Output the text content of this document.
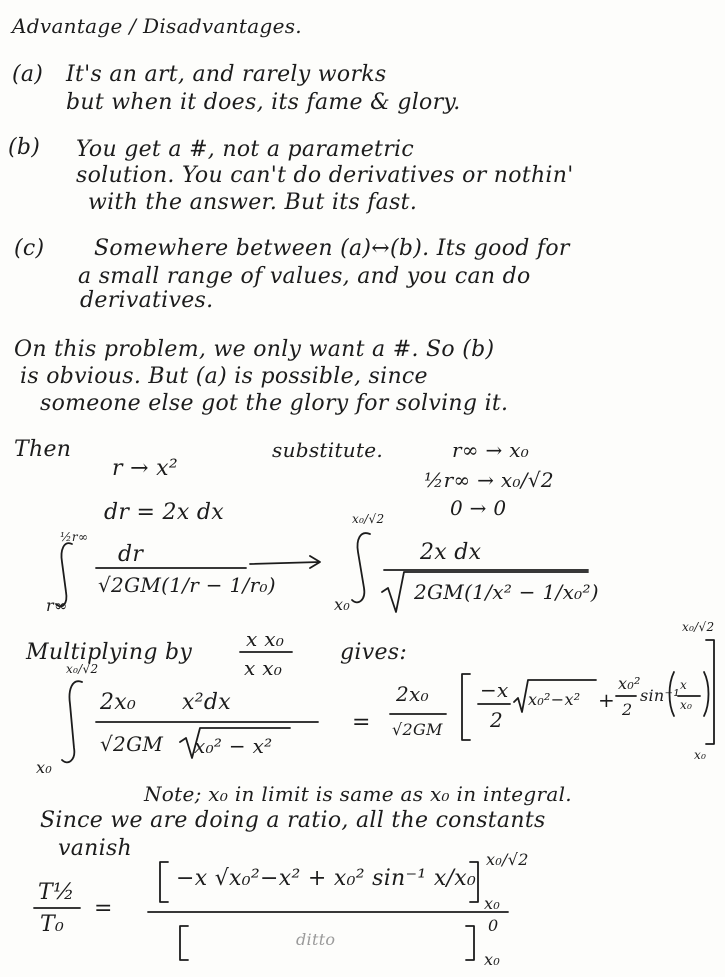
Advantage / Disadvantages.
(a) It's an art, and rarely works
but when it does, its fame & glory.
(b) You get a #, not a parametric
solution. You can't do derivatives or nothin'
with the answer. But its fast.
(c) Somewhere between (a)↔(b). Its good for
a small range of values, and you can do
derivatives.
On this problem, we only want a #. So (b)
is obvious. But (a) is possible, since
someone else got the glory for solving it.
Then	substitute.
r → x²
dr = 2x dx
r∞ → x₀
½r∞ → x₀/√2
0 → 0
½r∞
r∞
dr
√2GM(1/r − 1/r₀)
x₀/√2
x₀
2x dx
2GM(1/x² − 1/x₀²)
Multiplying by
x x₀
x x₀
gives:
x₀/√2
x₀
2x₀ x²dx
√2GM x₀² − x²
=
2x₀
√2GM
−x
2
x₀²−x² +
x₀²
2
sin⁻¹
x
x₀
x₀/√2
x₀
Note; x₀ in limit is same as x₀ in integral.
Since we are doing a ratio, all the constants
vanish
T½
T₀
=
−x √x₀²−x² + x₀² sin⁻¹ x/x₀
x₀/√2
x₀
ditto
0
x₀
